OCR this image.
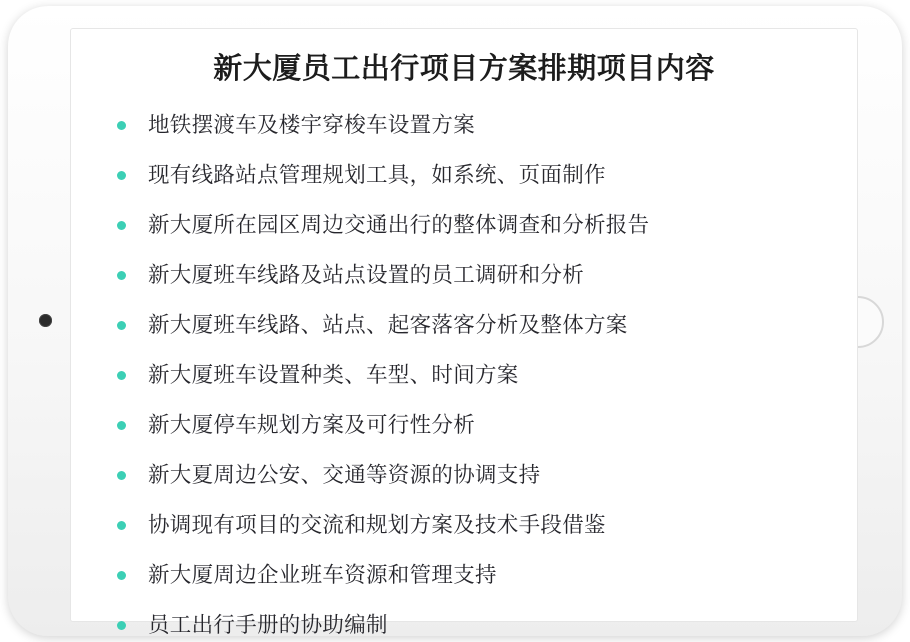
新大厦员工出行项目方案排期项目内容
地铁摆渡车及楼宇穿梭车设置方案
现有线路站点管理规划工具，如系统、页面制作
新大厦所在园区周边交通出行的整体调查和分析报告
新大厦班车线路及站点设置的员工调研和分析
新大厦班车线路、站点、起客落客分析及整体方案
新大厦班车设置种类、车型、时间方案
新大厦停车规划方案及可行性分析
新大夏周边公安、交通等资源的协调支持
协调现有项目的交流和规划方案及技术手段借鉴
新大厦周边企业班车资源和管理支持
员工出行手册的协助编制
